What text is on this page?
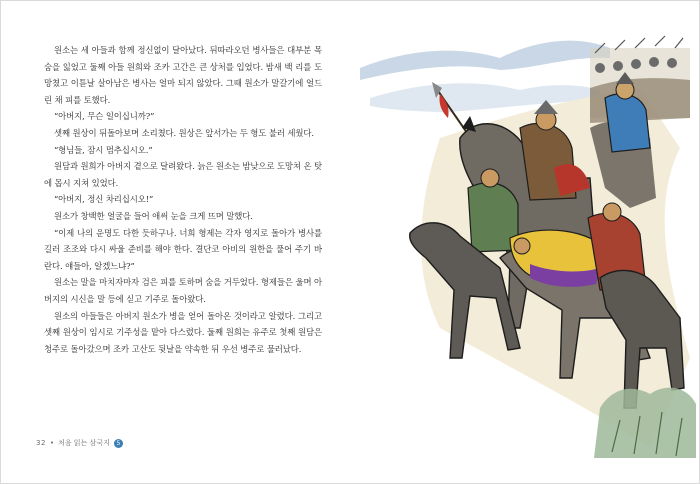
원소는 세 아들과 함께 정신없이 달아났다. 뒤따라오던 병사들은 대부분 목숨을 잃었고 둘째 아들 원희와 조카 고간은 큰 상처를 입었다. 밤새 백 리를 도망쳤고 이튿날 살아남은 병사는 얼마 되지 않았다. 그때 원소가 말갈기에 얼드린 채 피를 토했다.

“아버지, 무슨 일이십니까?”

셋째 원상이 뒤돌아보며 소리쳤다. 원상은 앞서가는 두 형도 불러 세웠다.

“형님들, 잠시 멈추십시오.”

원담과 원희가 아버지 곁으로 달려왔다. 늙은 원소는 밤낮으로 도망쳐 온 탓에 몹시 지쳐 있었다.

“아버지, 정신 차리십시오!”

원소가 창백한 얼굴을 들어 애써 눈을 크게 뜨며 말했다.

“이제 나의 운명도 다한 듯하구나. 너희 형제는 각자 영지로 돌아가 병사를 길러 조조와 다시 싸울 준비를 해야 한다. 결단코 아비의 원한을 풀어 주기 바란다. 얘들아, 알겠느냐?”

원소는 말을 마치자마자 검은 피를 토하며 숨을 거두었다. 형제들은 울며 아버지의 시신을 말 등에 싣고 기주로 돌아왔다.

원소의 아들들은 아버지 원소가 병을 얻어 돌아온 것이라고 알렸다. 그리고 셋째 원상이 임시로 기주성을 맡아 다스렸다. 둘째 원희는 유주로 첫째 원담은 청주로 돌아갔으며 조카 고산도 뒷날을 약속한 뒤 우선 병주로 물러났다.

32 • 처음 읽는 삼국지	5
